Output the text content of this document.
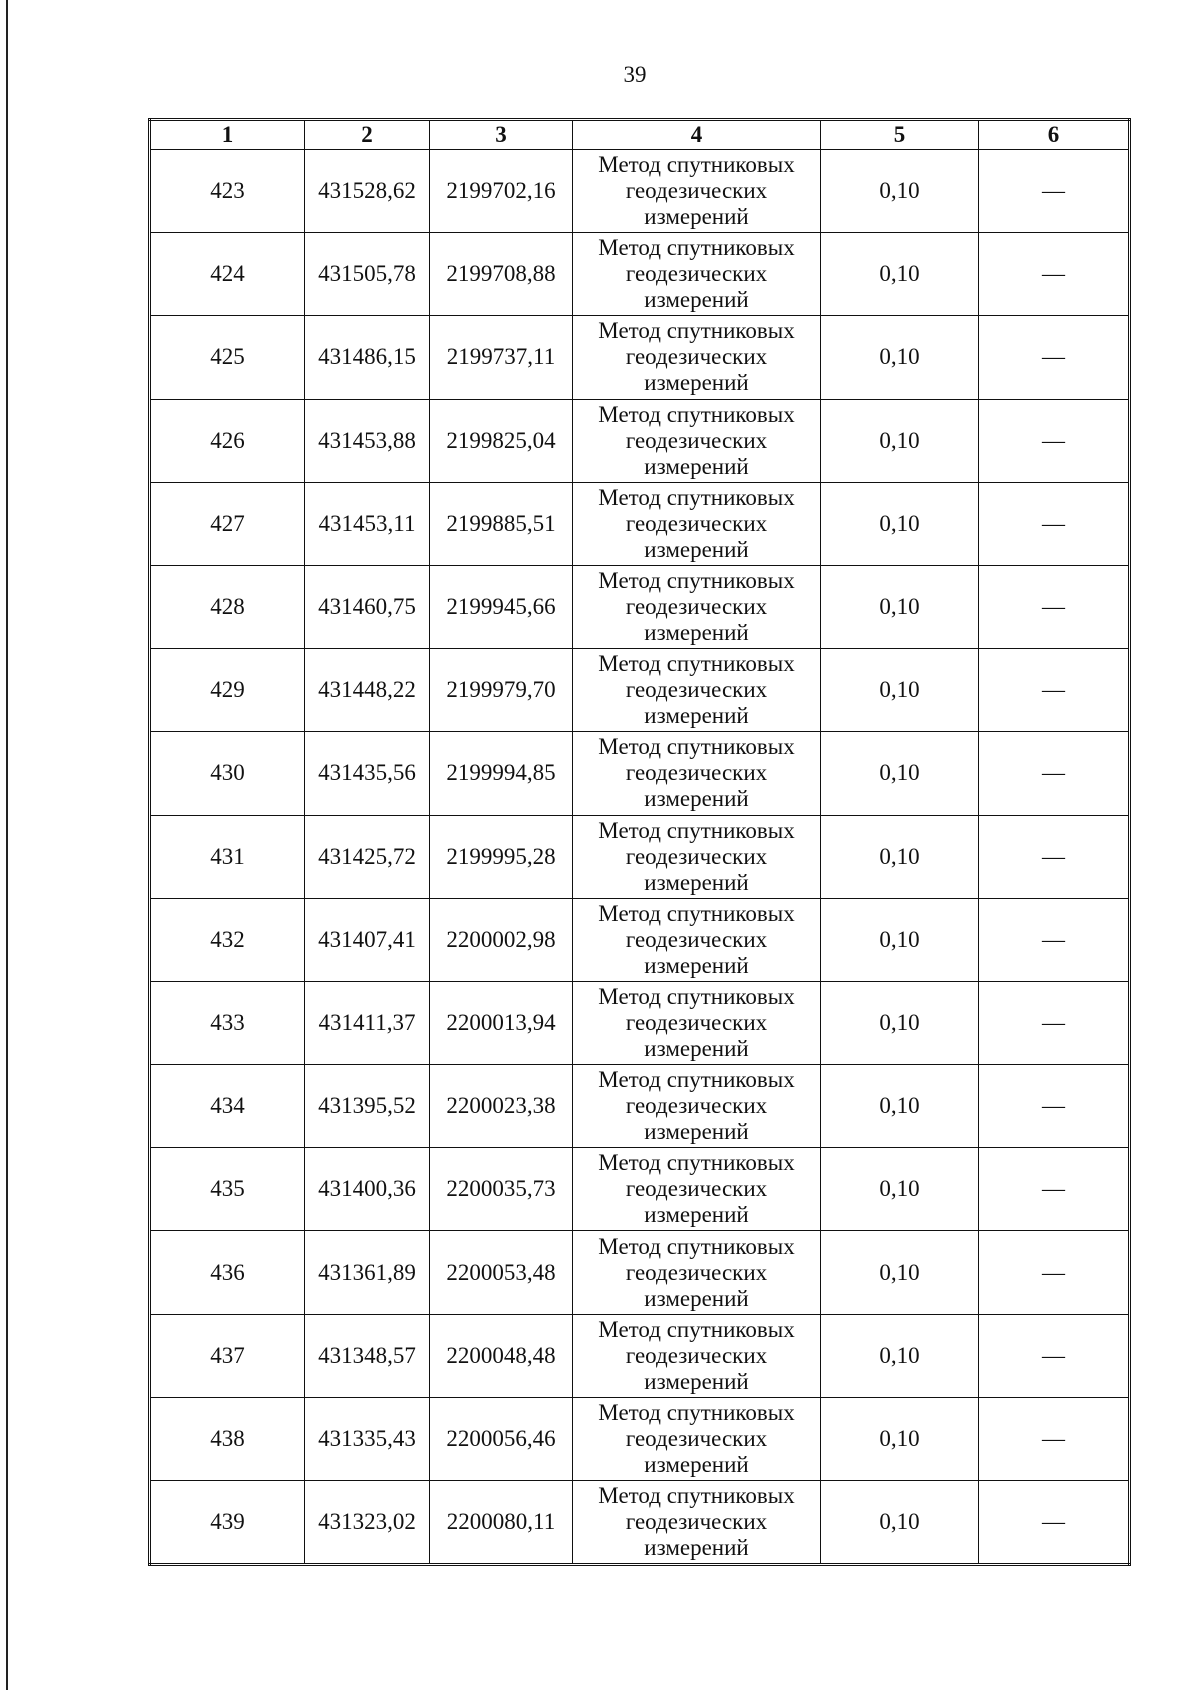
39
1	2	3	4	5	6
423	431528,62	2199702,16	Метод спутниковых геодезических измерений	0,10	—
424	431505,78	2199708,88	Метод спутниковых геодезических измерений	0,10	—
425	431486,15	2199737,11	Метод спутниковых геодезических измерений	0,10	—
426	431453,88	2199825,04	Метод спутниковых геодезических измерений	0,10	—
427	431453,11	2199885,51	Метод спутниковых геодезических измерений	0,10	—
428	431460,75	2199945,66	Метод спутниковых геодезических измерений	0,10	—
429	431448,22	2199979,70	Метод спутниковых геодезических измерений	0,10	—
430	431435,56	2199994,85	Метод спутниковых геодезических измерений	0,10	—
431	431425,72	2199995,28	Метод спутниковых геодезических измерений	0,10	—
432	431407,41	2200002,98	Метод спутниковых геодезических измерений	0,10	—
433	431411,37	2200013,94	Метод спутниковых геодезических измерений	0,10	—
434	431395,52	2200023,38	Метод спутниковых геодезических измерений	0,10	—
435	431400,36	2200035,73	Метод спутниковых геодезических измерений	0,10	—
436	431361,89	2200053,48	Метод спутниковых геодезических измерений	0,10	—
437	431348,57	2200048,48	Метод спутниковых геодезических измерений	0,10	—
438	431335,43	2200056,46	Метод спутниковых геодезических измерений	0,10	—
439	431323,02	2200080,11	Метод спутниковых геодезических измерений	0,10	—
